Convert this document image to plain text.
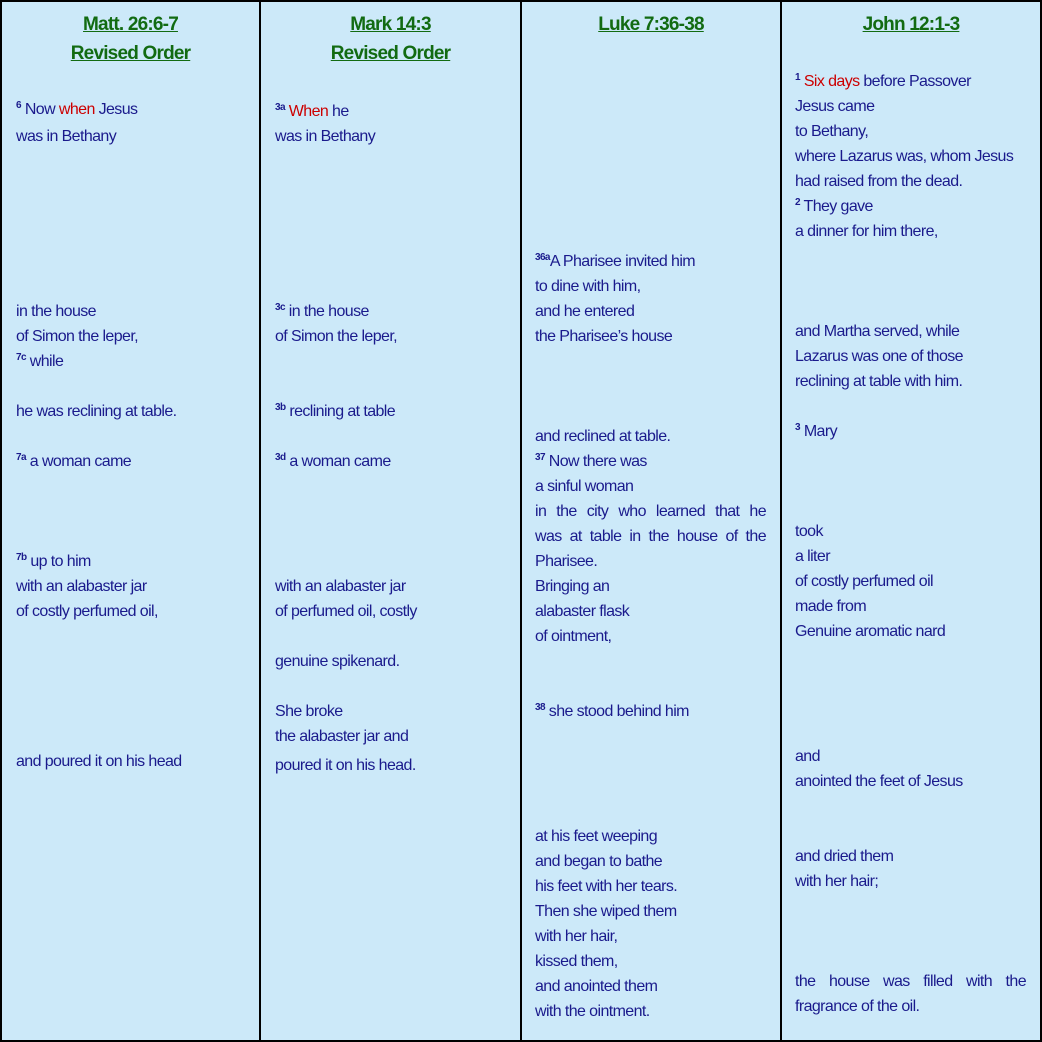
Matt. 26:6-7
Revised Order
$^6$ Now when Jesus
was in Bethany
in the house
of Simon the leper,
$^{7c}$ while
he was reclining at table.
$^{7a}$ a woman came
$^{7b}$ up to him
with an alabaster jar
of costly perfumed oil,
and poured it on his head
Mark 14:3
Revised Order
$^{3a}$ When he
was in Bethany
$^{3c}$ in the house
of Simon the leper,
$^{3b}$ reclining at table
$^{3d}$ a woman came
with an alabaster jar
of perfumed oil, costly
genuine spikenard.
She broke
the alabaster jar and
poured it on his head.
Luke 7:36-38
$^{36a}$A Pharisee invited him
to dine with him,
and he entered
the Pharisee’s house
and reclined at table.
$^{37}$ Now there was
a sinful woman
in the city who learned that he
was at table in the house of the
Pharisee.
Bringing an
alabaster flask
of ointment,
$^{38}$ she stood behind him
at his feet weeping
and began to bathe
his feet with her tears.
Then she wiped them
with her hair,
kissed them,
and anointed them
with the ointment.
John 12:1-3
$^1$ Six days before Passover
Jesus came
to Bethany,
where Lazarus was, whom Jesus
had raised from the dead.
$^2$ They gave
a dinner for him there,
and Martha served, while
Lazarus was one of those
reclining at table with him.
$^3$ Mary
took
a liter
of costly perfumed oil
made from
Genuine aromatic nard
and
anointed the feet of Jesus
and dried them
with her hair;
the house was filled with the
fragrance of the oil.
